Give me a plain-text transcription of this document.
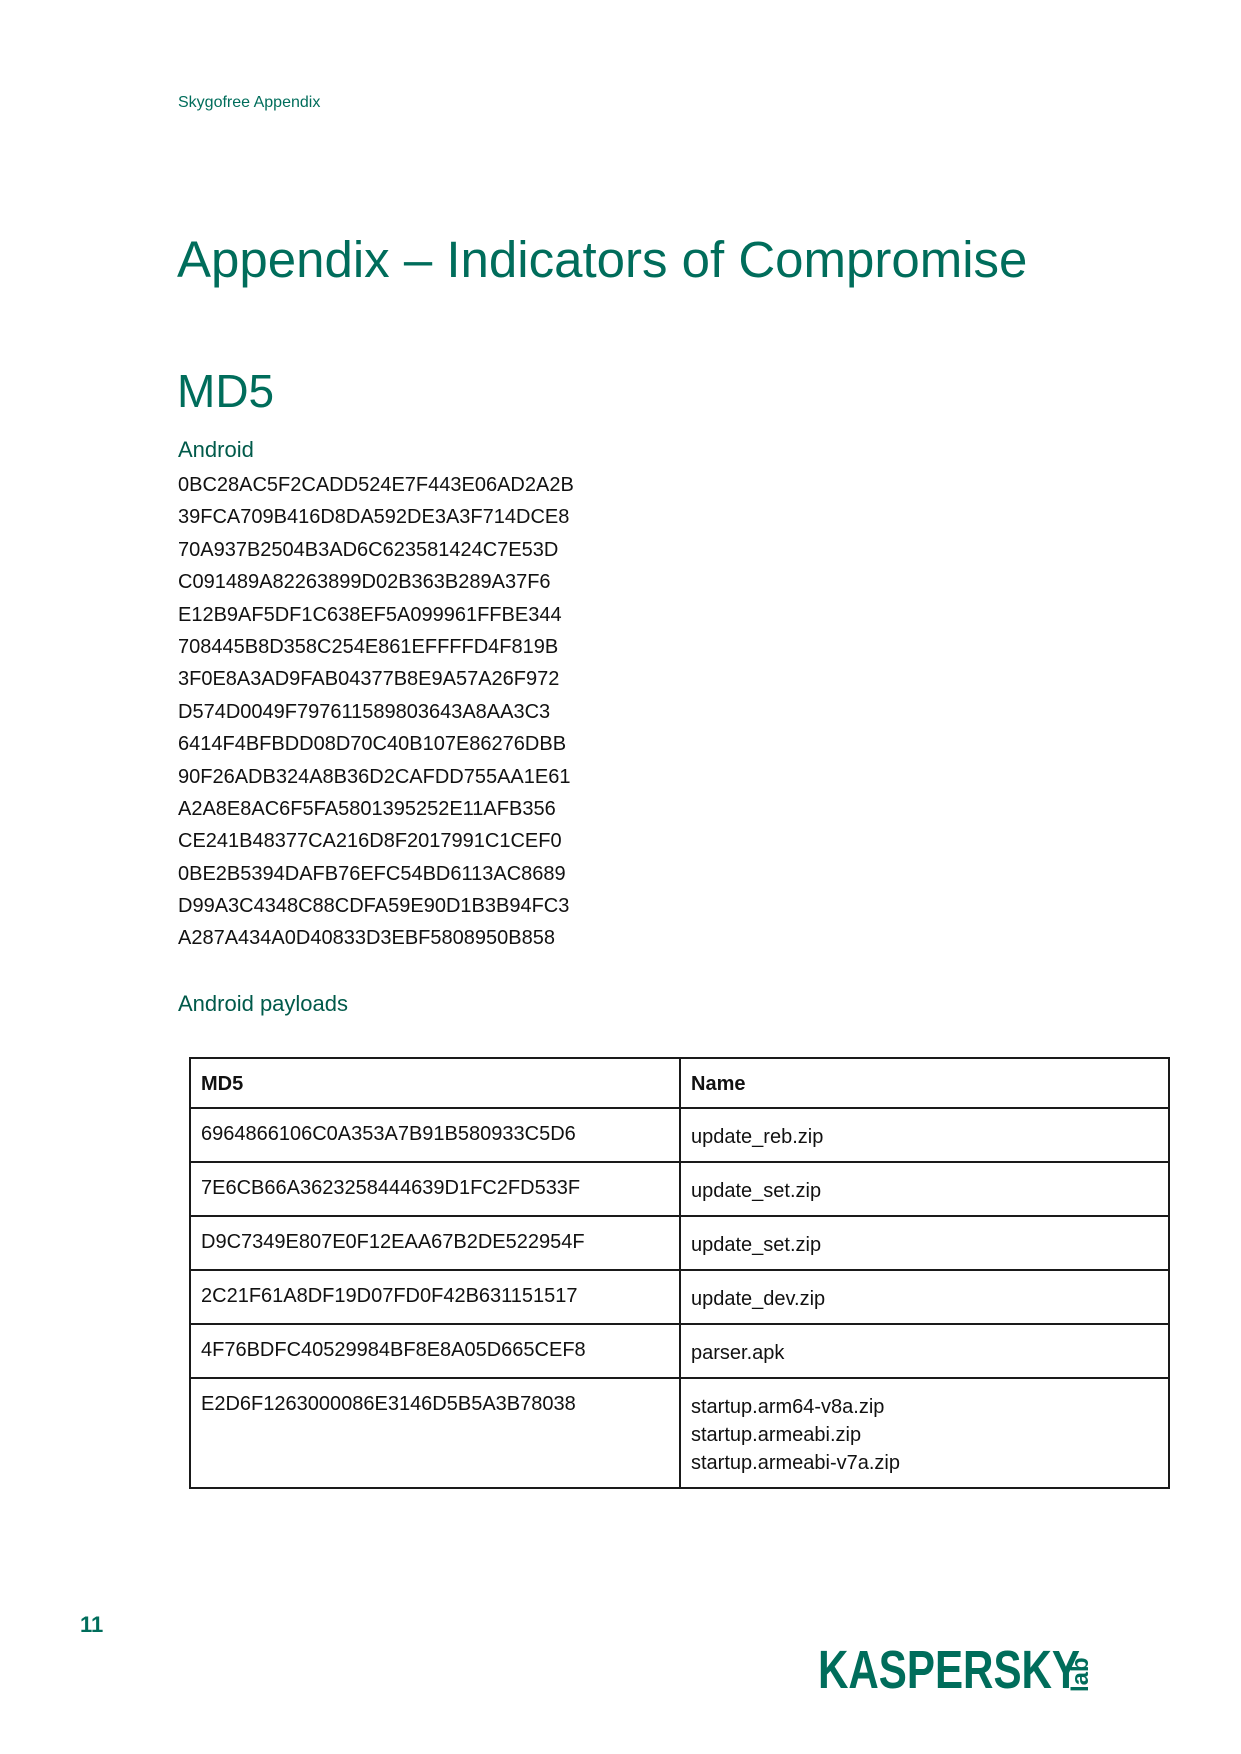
Skygofree Appendix
Appendix – Indicators of Compromise
MD5
Android
0BC28AC5F2CADD524E7F443E06AD2A2B
39FCA709B416D8DA592DE3A3F714DCE8
70A937B2504B3AD6C623581424C7E53D
C091489A82263899D02B363B289A37F6
E12B9AF5DF1C638EF5A099961FFBE344
708445B8D358C254E861EFFFFD4F819B
3F0E8A3AD9FAB04377B8E9A57A26F972
D574D0049F797611589803643A8AA3C3
6414F4BFBDD08D70C40B107E86276DBB
90F26ADB324A8B36D2CAFDD755AA1E61
A2A8E8AC6F5FA5801395252E11AFB356
CE241B48377CA216D8F2017991C1CEF0
0BE2B5394DAFB76EFC54BD6113AC8689
D99A3C4348C88CDFA59E90D1B3B94FC3
A287A434A0D40833D3EBF5808950B858
Android payloads
MD5	Name
6964866106C0A353A7B91B580933C5D6	update_reb.zip

7E6CB66A3623258444639D1FC2FD533F	update_set.zip

D9C7349E807E0F12EAA67B2DE522954F	update_set.zip

2C21F61A8DF19D07FD0F42B631151517	update_dev.zip

4F76BDFC40529984BF8E8A05D665CEF8	parser.apk

E2D6F1263000086E3146D5B5A3B78038	startup.arm64-v8a.zip
startup.armeabi.zip
startup.armeabi-v7a.zip
11
KASPERSKY
lab
